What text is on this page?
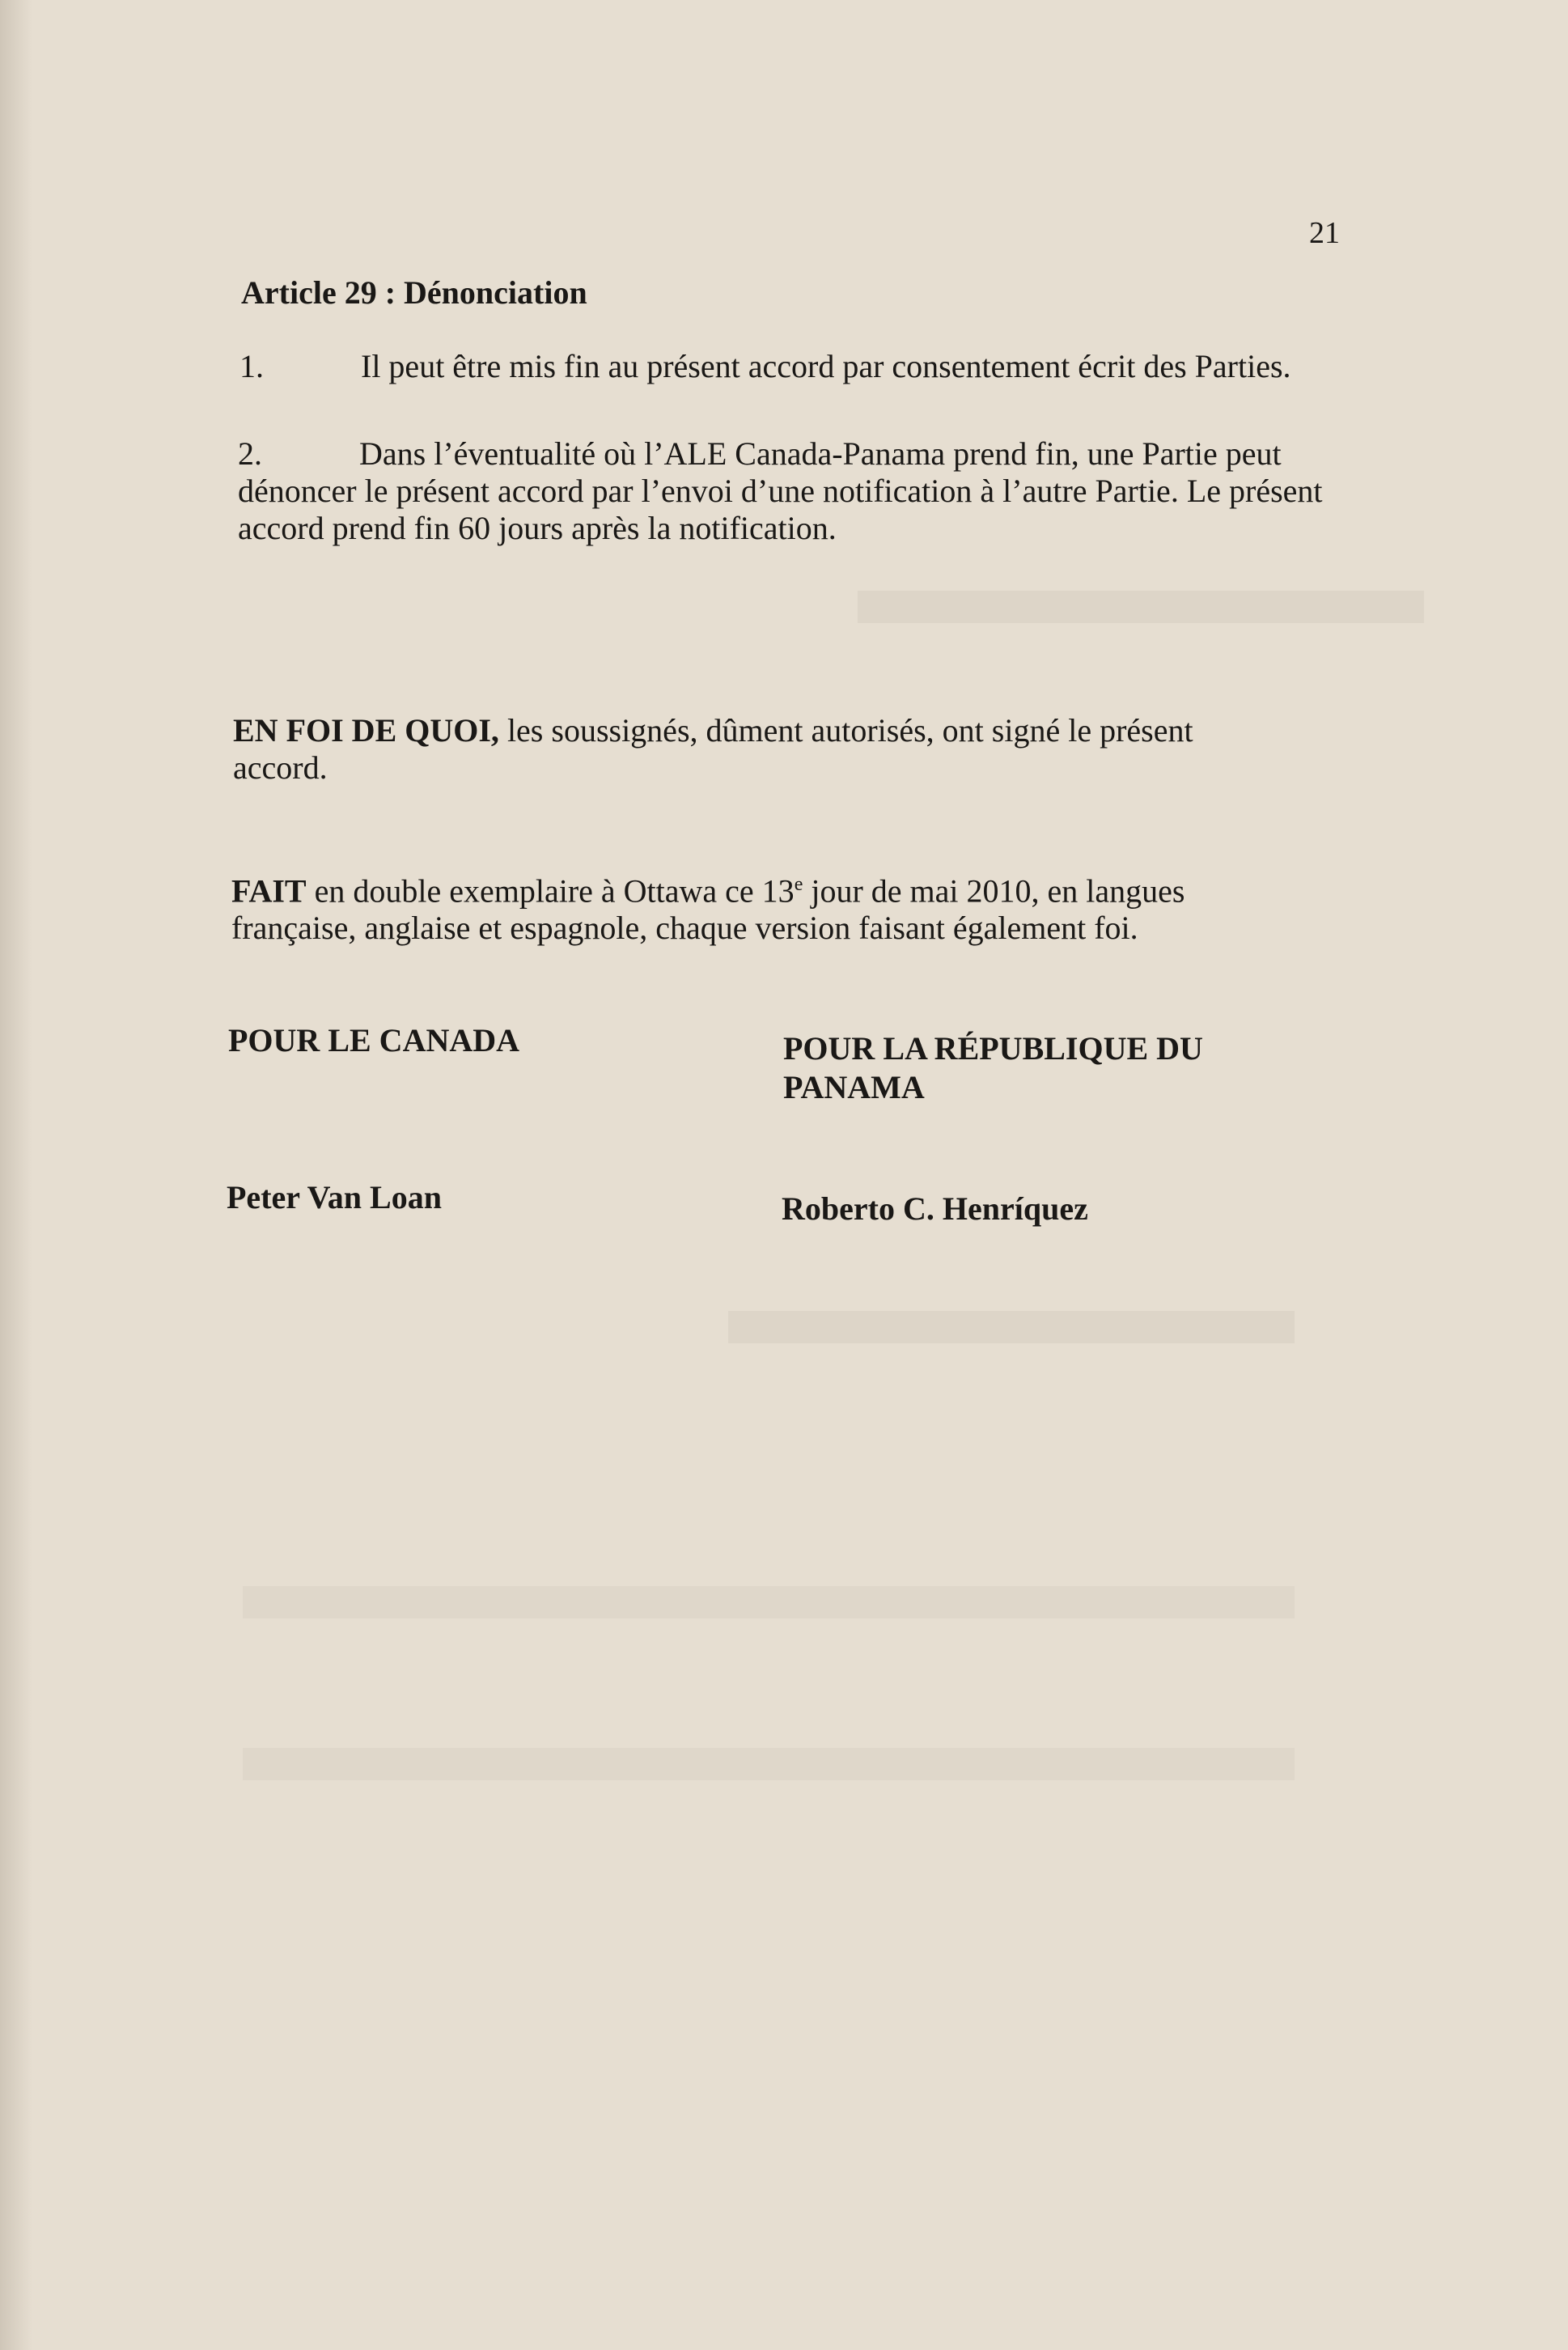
21
Article 29 : Dénonciation
1.	Il peut être mis fin au présent accord par consentement écrit des Parties.
2.	Dans l’éventualité où l’ALE Canada-Panama prend fin, une Partie peut dénoncer le présent accord par l’envoi d’une notification à l’autre Partie. Le présent accord prend fin 60 jours après la notification.
EN FOI DE QUOI, les soussignés, dûment autorisés, ont signé le présent accord.
FAIT en double exemplaire à Ottawa ce 13e jour de mai 2010, en langues française, anglaise et espagnole, chaque version faisant également foi.
POUR LE CANADA	POUR LA RÉPUBLIQUE DU PANAMA
Peter Van Loan	Roberto C. Henríquez
